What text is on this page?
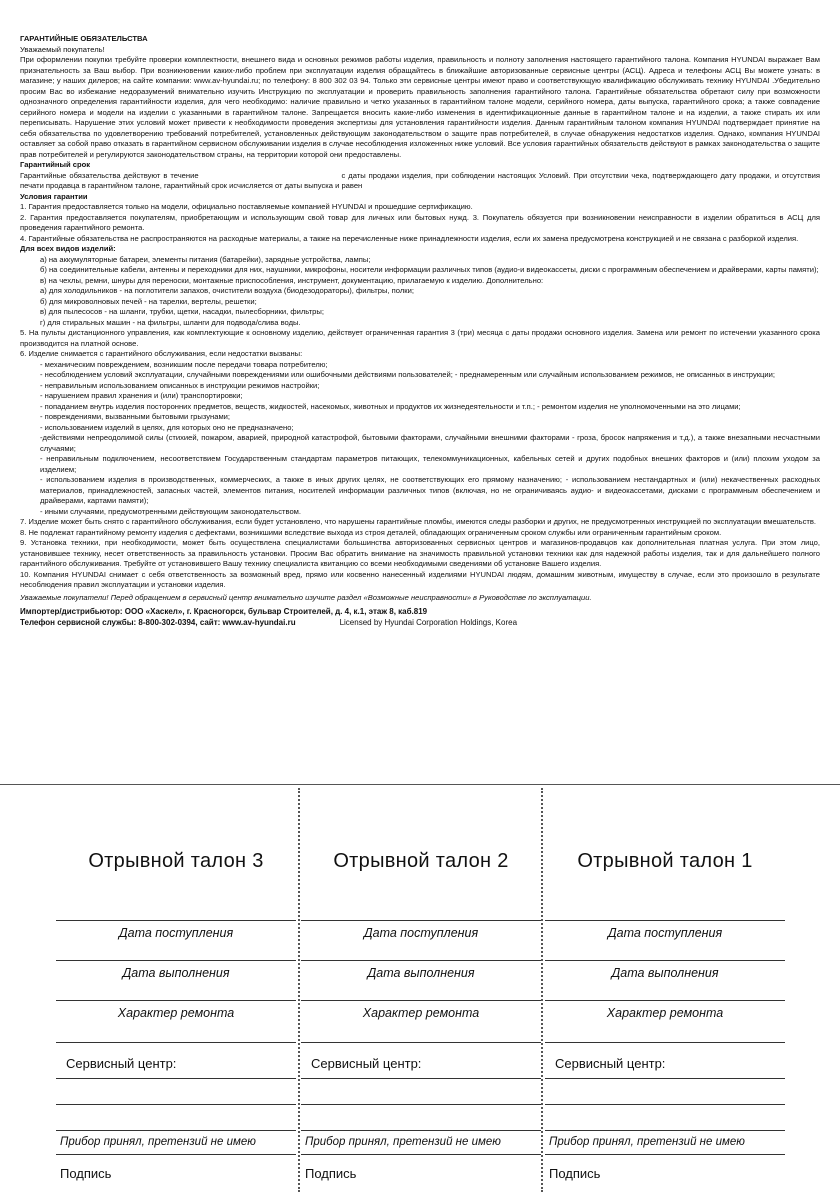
ГАРАНТИЙНЫЕ ОБЯЗАТЕЛЬСТВА

Уважаемый покупатель!

При оформлении покупки требуйте проверки комплектности, внешнего вида и основных режимов работы изделия, правильность и полноту заполнения настоящего гарантийного талона. Компания HYUNDAI выражает Вам признательность за Ваш выбор. При возникновении каких-либо проблем при эксплуатации изделия обращайтесь в ближайшие авторизованные сервисные центры (АСЦ). Адреса и телефоны АСЦ Вы можете узнать: в магазине; у наших дилеров; на сайте компании: www.av-hyundai.ru; по телефону: 8 800 302 03 94. Только эти сервисные центры имеют право и соответствующую квалификацию обслуживать технику HYUNDAI .Убедительно просим Вас во избежание недоразумений внимательно изучить Инструкцию по эксплуатации и проверить правильность заполнения гарантийного талона. Гарантийные обязательства обретают силу при возможности однозначного определения гарантийности изделия, для чего необходимо: наличие правильно и четко указанных в гарантийном талоне модели, серийного номера, даты выпуска, гарантийного срока; а также совпадение серийного номера и модели на изделии с указанными в гарантийном талоне. Запрещается вносить какие-либо изменения в идентификационные данные в гарантийном талоне и на изделии, а также стирать их или переписывать. Нарушение этих условий может привести к необходимости проведения экспертизы для установления гарантийности изделия. Данным гарантийным талоном компания HYUNDAI подтверждает принятие на себя обязательства по удовлетворению требований потребителей, установленных действующим законодательством о защите прав потребителей, в случае обнаружения недостатков изделия. Однако, компания HYUNDAI оставляет за собой право отказать в гарантийном сервисном обслуживании изделия в случае несоблюдения изложенных ниже условий. Все условия гарантийных обязательств действуют в рамках законодательства о защите прав потребителей и регулируются законодательством страны, на территории которой они предоставлены.

Гарантийный срок

Гарантийные обязательства действуют в течение	с даты продажи изделия, при соблюдении настоящих Условий. При отсутствии чека, подтверждающего дату продажи, и отсутствия печати продавца в гарантийном талоне, гарантийный срок исчисляется от даты выпуска и равен

Условия гарантии

1. Гарантия предоставляется только на модели, официально поставляемые компанией HYUNDAI и прошедшие сертификацию.

2. Гарантия предоставляется покупателям, приобретающим и использующим свой товар для личных или бытовых нужд. 3. Покупатель обязуется при возникновении неисправности в изделии обратиться в АСЦ для проведения гарантийного ремонта.

4. Гарантийные обязательства не распространяются на расходные материалы, а также на перечисленные ниже принадлежности изделия, если их замена предусмотрена конструкцией и не связана с разборкой изделия.

Для всех видов изделий:

а) на аккумуляторные батареи, элементы питания (батарейки), зарядные устройства, лампы;

б) на соединительные кабели, антенны и переходники для них, наушники, микрофоны, носители информации различных типов (аудио-и видеокассеты, диски с программным обеспечением и драйверами, карты памяти);

в) на чехлы, ремни, шнуры для переноски, монтажные приспособления, инструмент, документацию, прилагаемую к изделию. Дополнительно:

а) для холодильников - на поглотители запахов, очистители воздуха (биодезодораторы), фильтры, полки;

б) для микроволновых печей - на тарелки, вертелы, решетки;

в) для пылесосов - на шланги, трубки, щетки, насадки, пылесборники, фильтры;

г) для стиральных машин - на фильтры, шланги для подвода/слива воды.

5. На пульты дистанционного управления, как комплектующие к основному изделию, действует ограниченная гарантия 3 (три) месяца с даты продажи основного изделия. Замена или ремонт по истечении указанного срока производится на платной основе.

6. Изделие снимается с гарантийного обслуживания, если недостатки вызваны:

- механическим повреждением, возникшим после передачи товара потребителю;

- несоблюдением условий эксплуатации, случайными повреждениями или ошибочными действиями пользователей; - преднамеренным или случайным использованием режимов, не описанных в инструкции;

- неправильным использованием описанных в инструкции режимов настройки;

- нарушением правил хранения и (или) транспортировки;

- попаданием внутрь изделия посторонних предметов, веществ, жидкостей, насекомых, животных и продуктов их жизнедеятельности и т.п.; - ремонтом изделия не уполномоченными на это лицами;

- повреждениями, вызванными бытовыми грызунами;

- использованием изделий в целях, для которых оно не предназначено;

-действиями непреодолимой силы (стихией, пожаром, аварией, природной катастрофой, бытовыми факторами, случайными внешними факторами - гроза, бросок напряжения и т.д.), а также внезапными несчастными случаями;

- неправильным подключением, несоответствием Государственным стандартам параметров питающих, телекоммуникационных, кабельных сетей и других подобных внешних факторов и (или) плохим уходом за изделием;

- использованием изделия в производственных, коммерческих, а также в иных других целях, не соответствующих его прямому назначению; - использованием нестандартных и (или) некачественных расходных материалов, принадлежностей, запасных частей, элементов питания, носителей информации различных типов (включая, но не ограничиваясь аудио- и видеокассетами, дисками с программным обеспечением и драйверами, картами памяти);

- иными случаями, предусмотренными действующим законодательством.

7. Изделие может быть снято с гарантийного обслуживания, если будет установлено, что нарушены гарантийные пломбы, имеются следы разборки и других, не предусмотренных инструкцией по эксплуатации вмешательств.

8. Не подлежат гарантийному ремонту изделия с дефектами, возникшими вследствие выхода из строя деталей, обладающих ограниченным сроком службы или ограниченным гарантийным сроком.

9. Установка техники, при необходимости, может быть осуществлена специалистами большинства авторизованных сервисных центров и магазинов-продавцов как дополнительная платная услуга. При этом лицо, установившее технику, несет ответственность за правильность установки. Просим Вас обратить внимание на значимость правильной установки техники как для надежной работы изделия, так и для дальнейшего полного гарантийного обслуживания. Требуйте от установившего Вашу технику специалиста квитанцию со всеми необходимыми сведениями об установке Вашего изделия.

10. Компания HYUNDAI снимает с себя ответственность за возможный вред, прямо или косвенно нанесенный изделиями HYUNDAI людям, домашним животным, имуществу в случае, если это произошло в результате несоблюдения правил эксплуатации и установки изделия.

Уважаемые покупатели! Перед обращением в сервисный центр внимательно изучите раздел «Возможные неисправности» в Руководстве по эксплуатации.

Импортер/дистрибьютор: ООО «Хаскел», г. Красногорск, бульвар Строителей, д. 4, к.1, этаж 8, каб.819

Телефон сервисной службы: 8-800-302-0394, сайт: www.av-hyundai.ru	Licensed by Hyundai Corporation Holdings, Korea

Отрывной талон 3
Дата поступления
Дата выполнения
Характер ремонта
Сервисный центр:
Прибор принял, претензий не имею
Подпись
Отрывной талон 2
Дата поступления
Дата выполнения
Характер ремонта
Сервисный центр:
Прибор принял, претензий не имею
Подпись
Отрывной талон 1
Дата поступления
Дата выполнения
Характер ремонта
Сервисный центр:
Прибор принял, претензий не имею
Подпись
